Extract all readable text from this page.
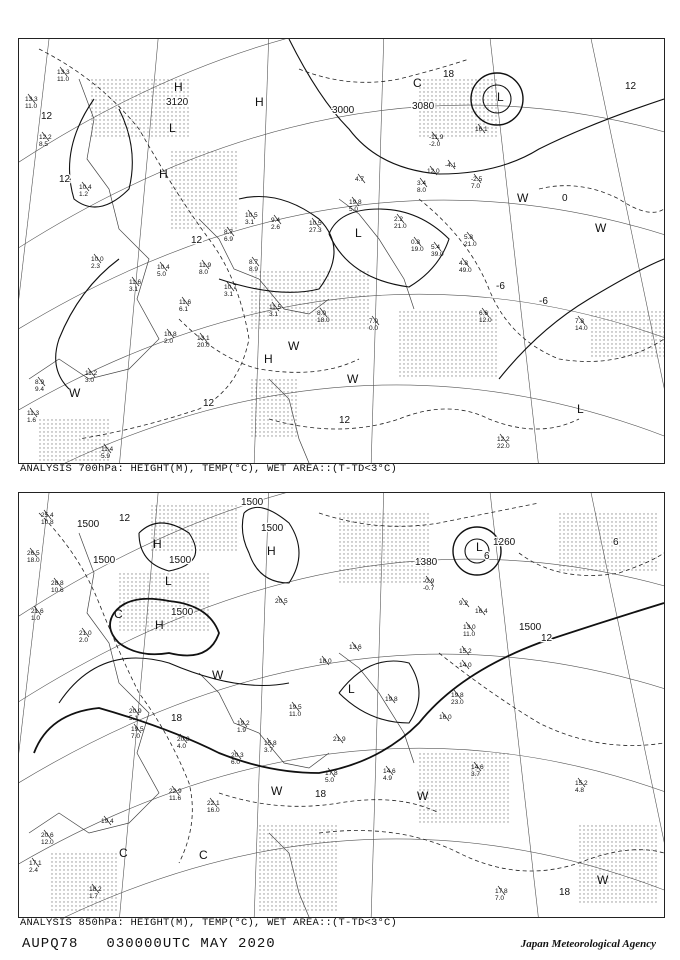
H
L
H
H
L
L
H
W
W
W
W
L
C
W
3120
3000	3080
12
12
12
12
12
12
18
0
-6
-6
13.3
11.0
13.3
11.0
12.2
8.5
10.4
1.2
10.0
2.3
11.6
3.1
10.4
5.0
11.9
8.0
8.7
6.9
8.7
8.9
10.7
3.1
11.6
6.1
10.8
2.0	13.1
20.0
11.5
3.1	8.0
18.0
10.5
27.3
19.8
5.0
2.2
21.0
0.8
19.0 5.4
39.0
5.8
21.0
4.8
49.0
3.4
8.0
4.7
7.0
0.0
6.6
12.0	7.8
14.0
12.2
22.0
11.2
3.0
11.4
5.9
8.9
9.4
11.3
1.6
10.5
3.1	9.4
2.6
16.1
-11.9
-2.0
-4.1
12.0
-2.5
7.0
ANALYSIS 700hPa: HEIGHT(M), TEMP(°C), WET AREA::(T-TD<3°C)
H
L
H
C
H	L
L
W	W
C	C
W
W
1500
1500
1500
1500	1500
1500
1500
1380
1260
12
12
18
18
18
6
6
25.4
10.8
26.5
18.0
28.8
10.6
21.6
1.0
21.0
2.0
20.9
5.1
19.5
7.0	20.8
4.0
22.1
16.0
22.9
11.6
20.3
6.0
19.2
1.9
15.8
3.7
19.5
11.0
21.9
17.8
5.0
14.6
4.9
14.6
3.7
15.2
4.8
14.0
15.2
19.8
23.0
16.0
13.0
11.0
9.2
16.4
17.8
7.0
18.2
1.7
19.4
20.6
12.0
17.1
2.4
19.8
13.6
18.0
20.5
-0.9
-0.7
ANALYSIS 850hPa: HEIGHT(M), TEMP(°C), WET AREA::(T-TD<3°C)
AUPQ78 030000UTC MAY 2020	Japan Meteorological Agency
